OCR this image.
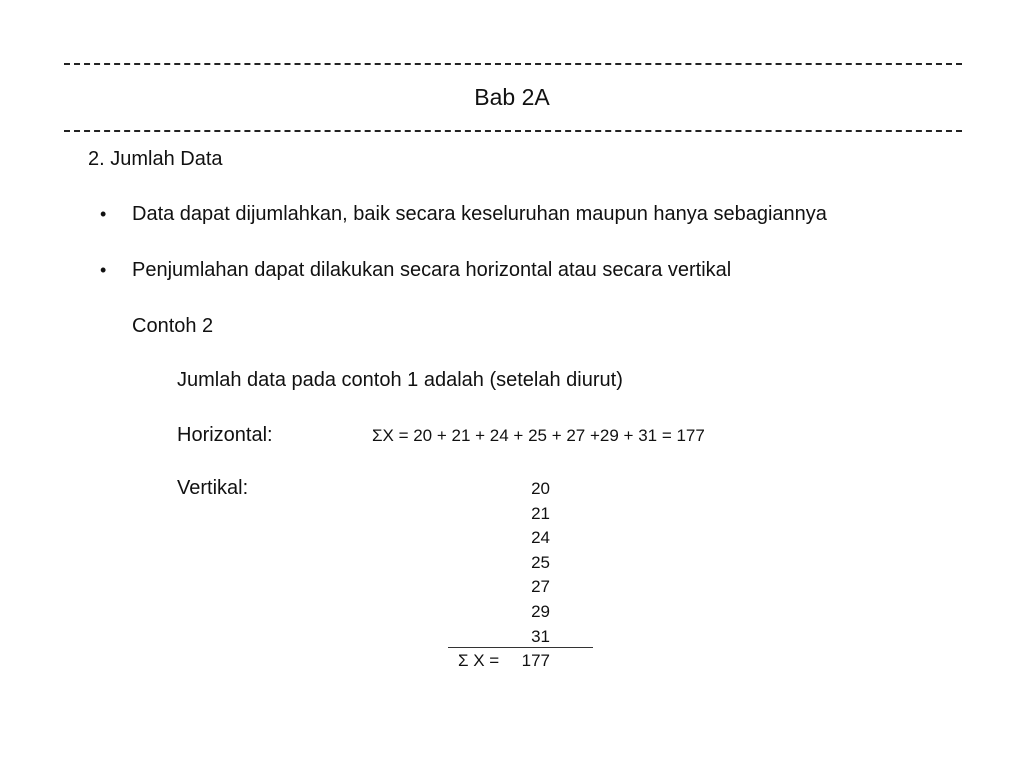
Bab 2A
2. Jumlah Data
• Data dapat dijumlahkan, baik secara keseluruhan maupun hanya sebagiannya
• Penjumlahan dapat dilakukan secara horizontal atau secara vertikal
Contoh 2
Jumlah data pada contoh 1 adalah (setelah diurut)
Horizontal:	ΣX = 20 + 21 + 24 + 25 + 27 +29 + 31 = 177
Vertikal:	20
21
24
25
27
29
31
Σ X = 177
